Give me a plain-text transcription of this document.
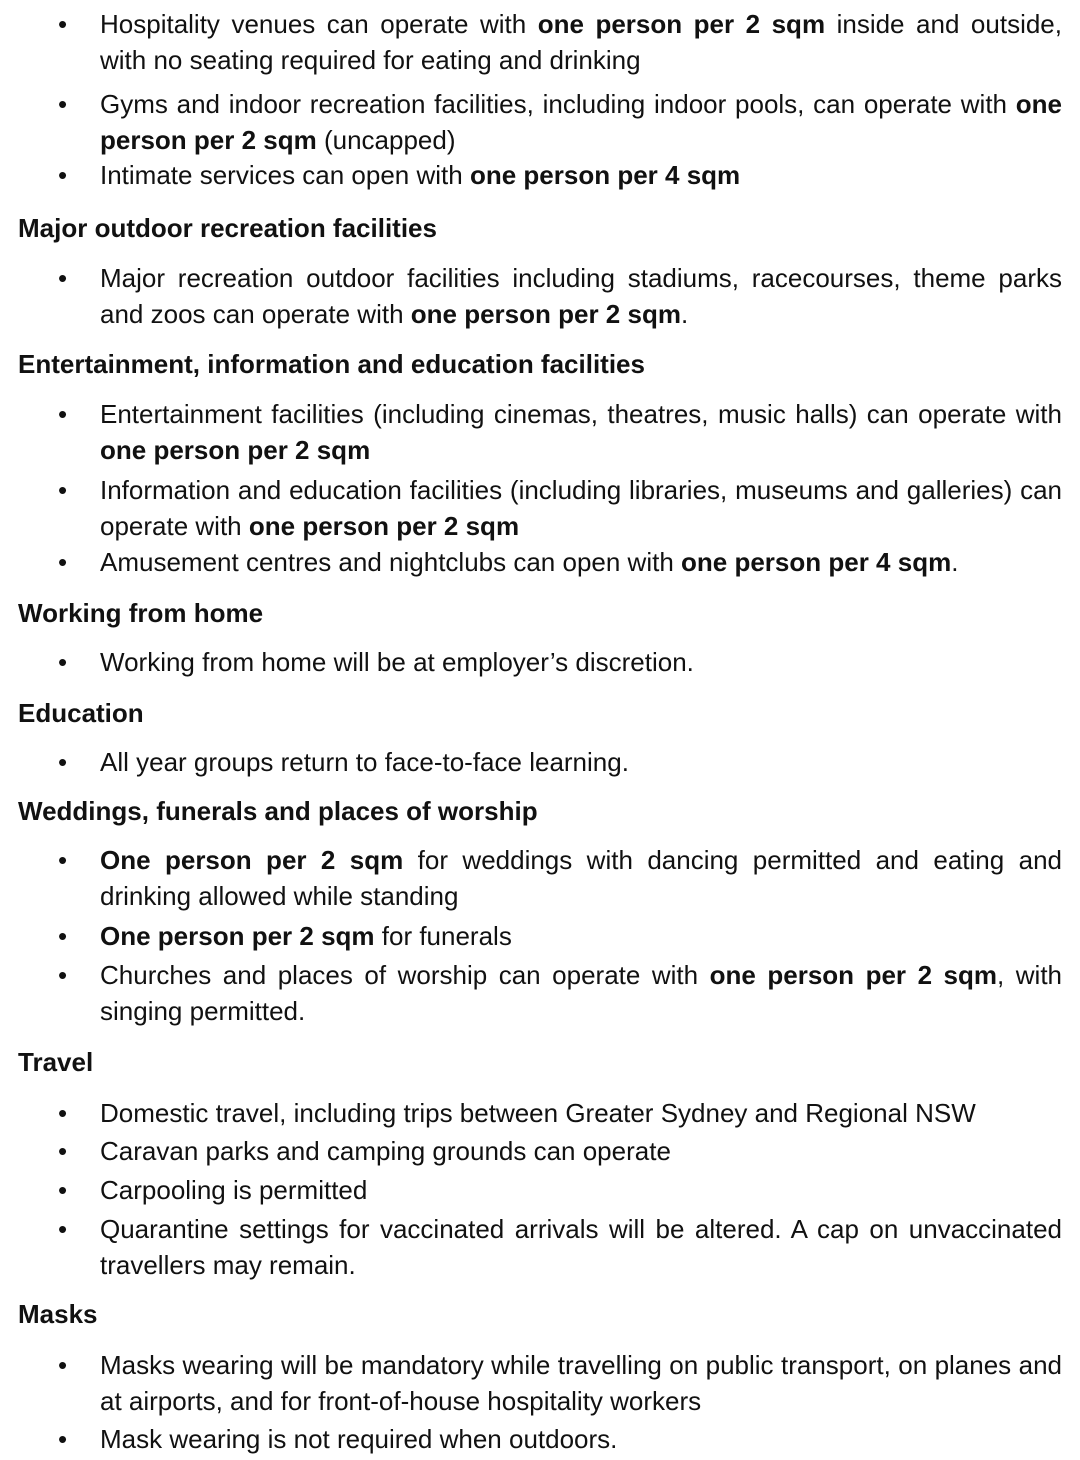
• Hospitality venues can operate with one person per 2 sqm inside and outside, with no seating required for eating and drinking
• Gyms and indoor recreation facilities, including indoor pools, can operate with one person per 2 sqm (uncapped)
• Intimate services can open with one person per 4 sqm
Major outdoor recreation facilities
• Major recreation outdoor facilities including stadiums, racecourses, theme parks and zoos can operate with one person per 2 sqm.
Entertainment, information and education facilities
• Entertainment facilities (including cinemas, theatres, music halls) can operate with one person per 2 sqm
• Information and education facilities (including libraries, museums and galleries) can operate with one person per 2 sqm
• Amusement centres and nightclubs can open with one person per 4 sqm.
Working from home
• Working from home will be at employer’s discretion.
Education
• All year groups return to face-to-face learning.
Weddings, funerals and places of worship
• One person per 2 sqm for weddings with dancing permitted and eating and drinking allowed while standing
• One person per 2 sqm for funerals
• Churches and places of worship can operate with one person per 2 sqm, with singing permitted.
Travel
• Domestic travel, including trips between Greater Sydney and Regional NSW
• Caravan parks and camping grounds can operate
• Carpooling is permitted
• Quarantine settings for vaccinated arrivals will be altered. A cap on unvaccinated travellers may remain.
Masks
• Masks wearing will be mandatory while travelling on public transport, on planes and at airports, and for front-of-house hospitality workers
• Mask wearing is not required when outdoors.
